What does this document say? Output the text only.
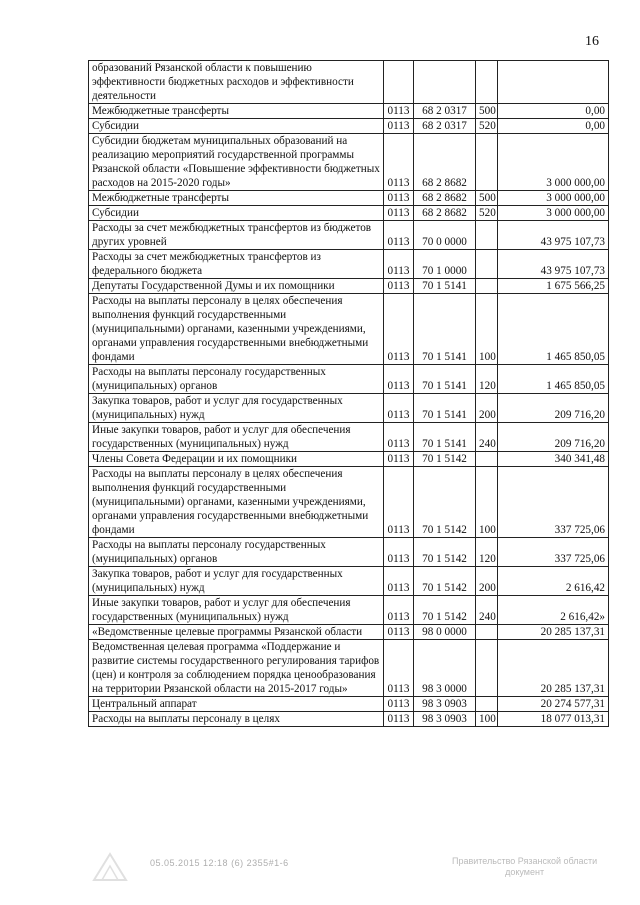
16
образований Рязанской области к повышению эффективности бюджетных расходов и эффективности деятельности				
Межбюджетные трансферты	0113	68 2 0317	500	0,00
Субсидии	0113	68 2 0317	520	0,00
Субсидии бюджетам муниципальных образований на реализацию мероприятий государственной программы Рязанской области «Повышение эффективности бюджетных расходов на 2015-2020 годы»	0113	68 2 8682		3 000 000,00
Межбюджетные трансферты	0113	68 2 8682	500	3 000 000,00
Субсидии	0113	68 2 8682	520	3 000 000,00
Расходы за счет межбюджетных трансфертов из бюджетов других уровней	0113	70 0 0000		43 975 107,73
Расходы за счет межбюджетных трансфертов из федерального бюджета	0113	70 1 0000		43 975 107,73
Депутаты Государственной Думы и их помощники	0113	70 1 5141		1 675 566,25
Расходы на выплаты персоналу в целях обеспечения выполнения функций государственными (муниципальными) органами, казенными учреждениями, органами управления государственными внебюджетными фондами	0113	70 1 5141	100	1 465 850,05
Расходы на выплаты персоналу государственных (муниципальных) органов	0113	70 1 5141	120	1 465 850,05
Закупка товаров, работ и услуг для государственных (муниципальных) нужд	0113	70 1 5141	200	209 716,20
Иные закупки товаров, работ и услуг для обеспечения государственных (муниципальных) нужд	0113	70 1 5141	240	209 716,20
Члены Совета Федерации и их помощники	0113	70 1 5142		340 341,48
Расходы на выплаты персоналу в целях обеспечения выполнения функций государственными (муниципальными) органами, казенными учреждениями, органами управления государственными внебюджетными фондами	0113	70 1 5142	100	337 725,06
Расходы на выплаты персоналу государственных (муниципальных) органов	0113	70 1 5142	120	337 725,06
Закупка товаров, работ и услуг для государственных (муниципальных) нужд	0113	70 1 5142	200	2 616,42
Иные закупки товаров, работ и услуг для обеспечения государственных (муниципальных) нужд	0113	70 1 5142	240	2 616,42»
«Ведомственные целевые программы Рязанской области	0113	98 0 0000		20 285 137,31
Ведомственная целевая программа «Поддержание и развитие системы государственного регулирования тарифов (цен) и контроля за соблюдением порядка ценообразования на территории Рязанской области на 2015-2017 годы»	0113	98 3 0000		20 285 137,31
Центральный аппарат	0113	98 3 0903		20 274 577,31
Расходы на выплаты персоналу в целях	0113	98 3 0903	100	18 077 013,31
05.05.2015 12:18 (6) 2355#1-6	Правительство Рязанской области
документ
